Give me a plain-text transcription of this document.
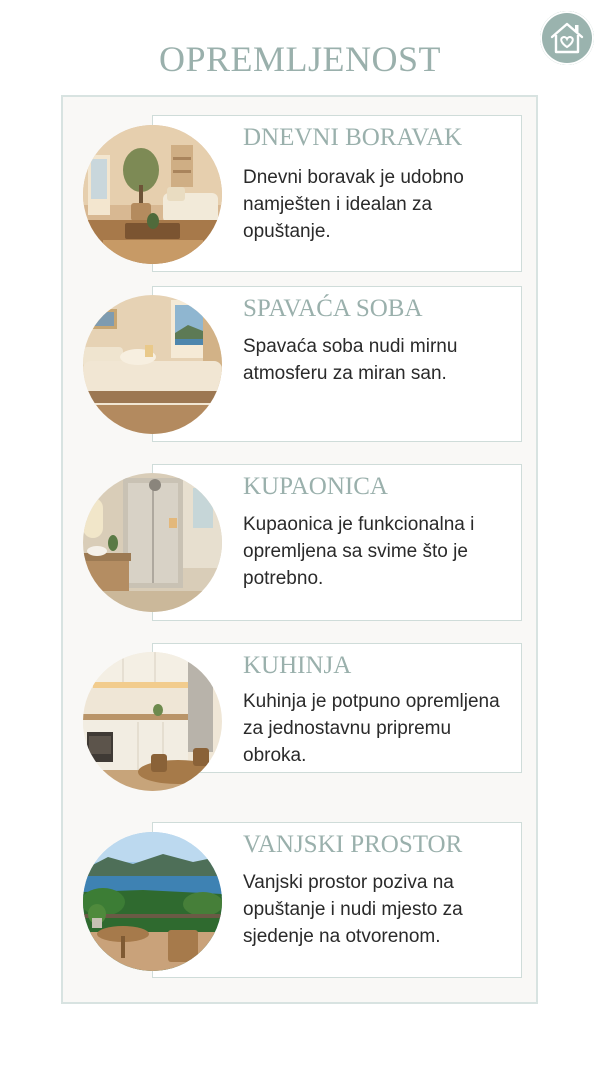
OPREMLJENOST
DNEVNI BORAVAK

Dnevni boravak je udobno namješten i idealan za opuštanje.

SPAVAĆA SOBA

Spavaća soba nudi mirnu atmosferu za miran san.

KUPAONICA

Kupaonica je funkcionalna i opremljena sa svime što je potrebno.

KUHINJA

Kuhinja je potpuno opremljena za jednostavnu pripremu obroka.

VANJSKI PROSTOR

Vanjski prostor poziva na opuštanje i nudi mjesto za sjedenje na otvorenom.
